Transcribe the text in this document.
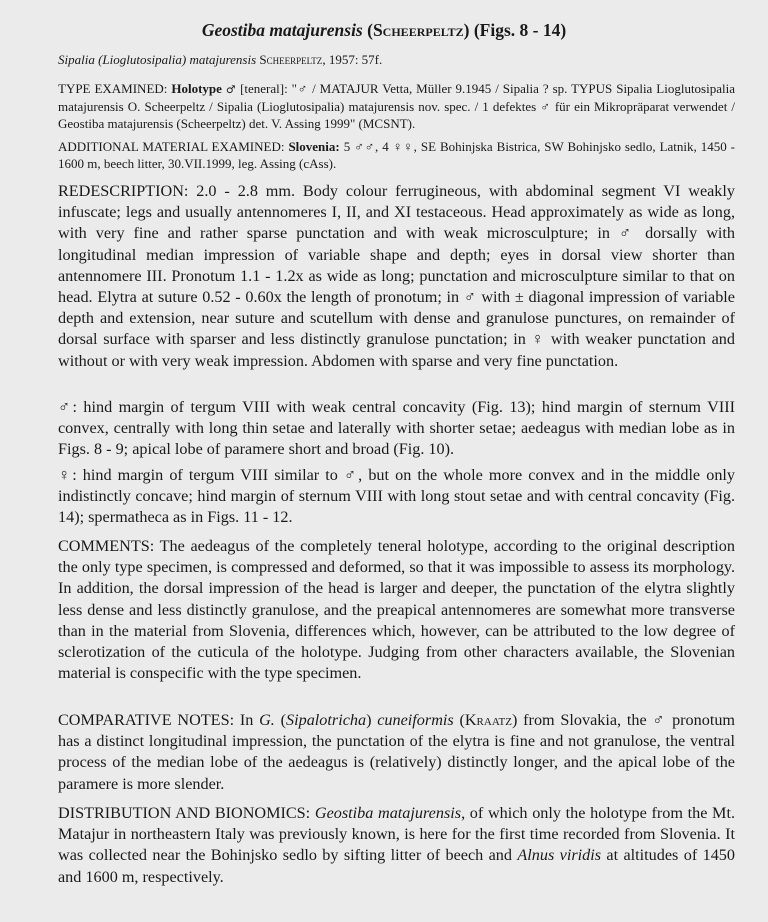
Geostiba matajurensis (Scheerpeltz) (Figs. 8 - 14)
Sipalia (Lioglutosipalia) matajurensis Scheerpeltz, 1957: 57f.
TYPE EXAMINED: Holotype ♂ [teneral]: "♂ / MATAJUR Vetta, Müller 9.1945 / Sipalia ? sp. TYPUS Sipalia Lioglutosipalia matajurensis O. Scheerpeltz / Sipalia (Lioglutosipalia) matajurensis nov. spec. / 1 defektes ♂ für ein Mikropräparat verwendet / Geostiba matajurensis (Scheerpeltz) det. V. Assing 1999" (MCSNT).
ADDITIONAL MATERIAL EXAMINED: Slovenia: 5 ♂♂, 4 ♀♀, SE Bohinjska Bistrica, SW Bohinjsko sedlo, Latnik, 1450 - 1600 m, beech litter, 30.VII.1999, leg. Assing (cAss).
REDESCRIPTION: 2.0 - 2.8 mm. Body colour ferrugineous, with abdominal segment VI weakly infuscate; legs and usually antennomeres I, II, and XI testaceous. Head approximately as wide as long, with very fine and rather sparse punctation and with weak microsculpture; in ♂ dorsally with longitudinal median impression of variable shape and depth; eyes in dorsal view shorter than antennomere III. Pronotum 1.1 - 1.2x as wide as long; punctation and microsculpture similar to that on head. Elytra at suture 0.52 - 0.60x the length of pronotum; in ♂ with ± diagonal impression of variable depth and extension, near suture and scutellum with dense and granulose punctures, on remainder of dorsal surface with sparser and less distinctly granulose punctation; in ♀ with weaker punctation and without or with very weak impression. Abdomen with sparse and very fine punctation.
♂: hind margin of tergum VIII with weak central concavity (Fig. 13); hind margin of sternum VIII convex, centrally with long thin setae and laterally with shorter setae; aedeagus with median lobe as in Figs. 8 - 9; apical lobe of paramere short and broad (Fig. 10).
♀: hind margin of tergum VIII similar to ♂, but on the whole more convex and in the middle only indistinctly concave; hind margin of sternum VIII with long stout setae and with central concavity (Fig. 14); spermatheca as in Figs. 11 - 12.
COMMENTS: The aedeagus of the completely teneral holotype, according to the original description the only type specimen, is compressed and deformed, so that it was impossible to assess its morphology. In addition, the dorsal impression of the head is larger and deeper, the punctation of the elytra slightly less dense and less distinctly granulose, and the preapical antennomeres are somewhat more transverse than in the material from Slovenia, differences which, however, can be attributed to the low degree of sclerotization of the cuticula of the holotype. Judging from other characters available, the Slovenian material is conspecific with the type specimen.
COMPARATIVE NOTES: In G. (Sipalotricha) cuneiformis (Kraatz) from Slovakia, the ♂ pronotum has a distinct longitudinal impression, the punctation of the elytra is fine and not granulose, the ventral process of the median lobe of the aedeagus is (relatively) distinctly longer, and the apical lobe of the paramere is more slender.
DISTRIBUTION AND BIONOMICS: Geostiba matajurensis, of which only the holotype from the Mt. Matajur in northeastern Italy was previously known, is here for the first time recorded from Slovenia. It was collected near the Bohinjsko sedlo by sifting litter of beech and Alnus viridis at altitudes of 1450 and 1600 m, respectively.
